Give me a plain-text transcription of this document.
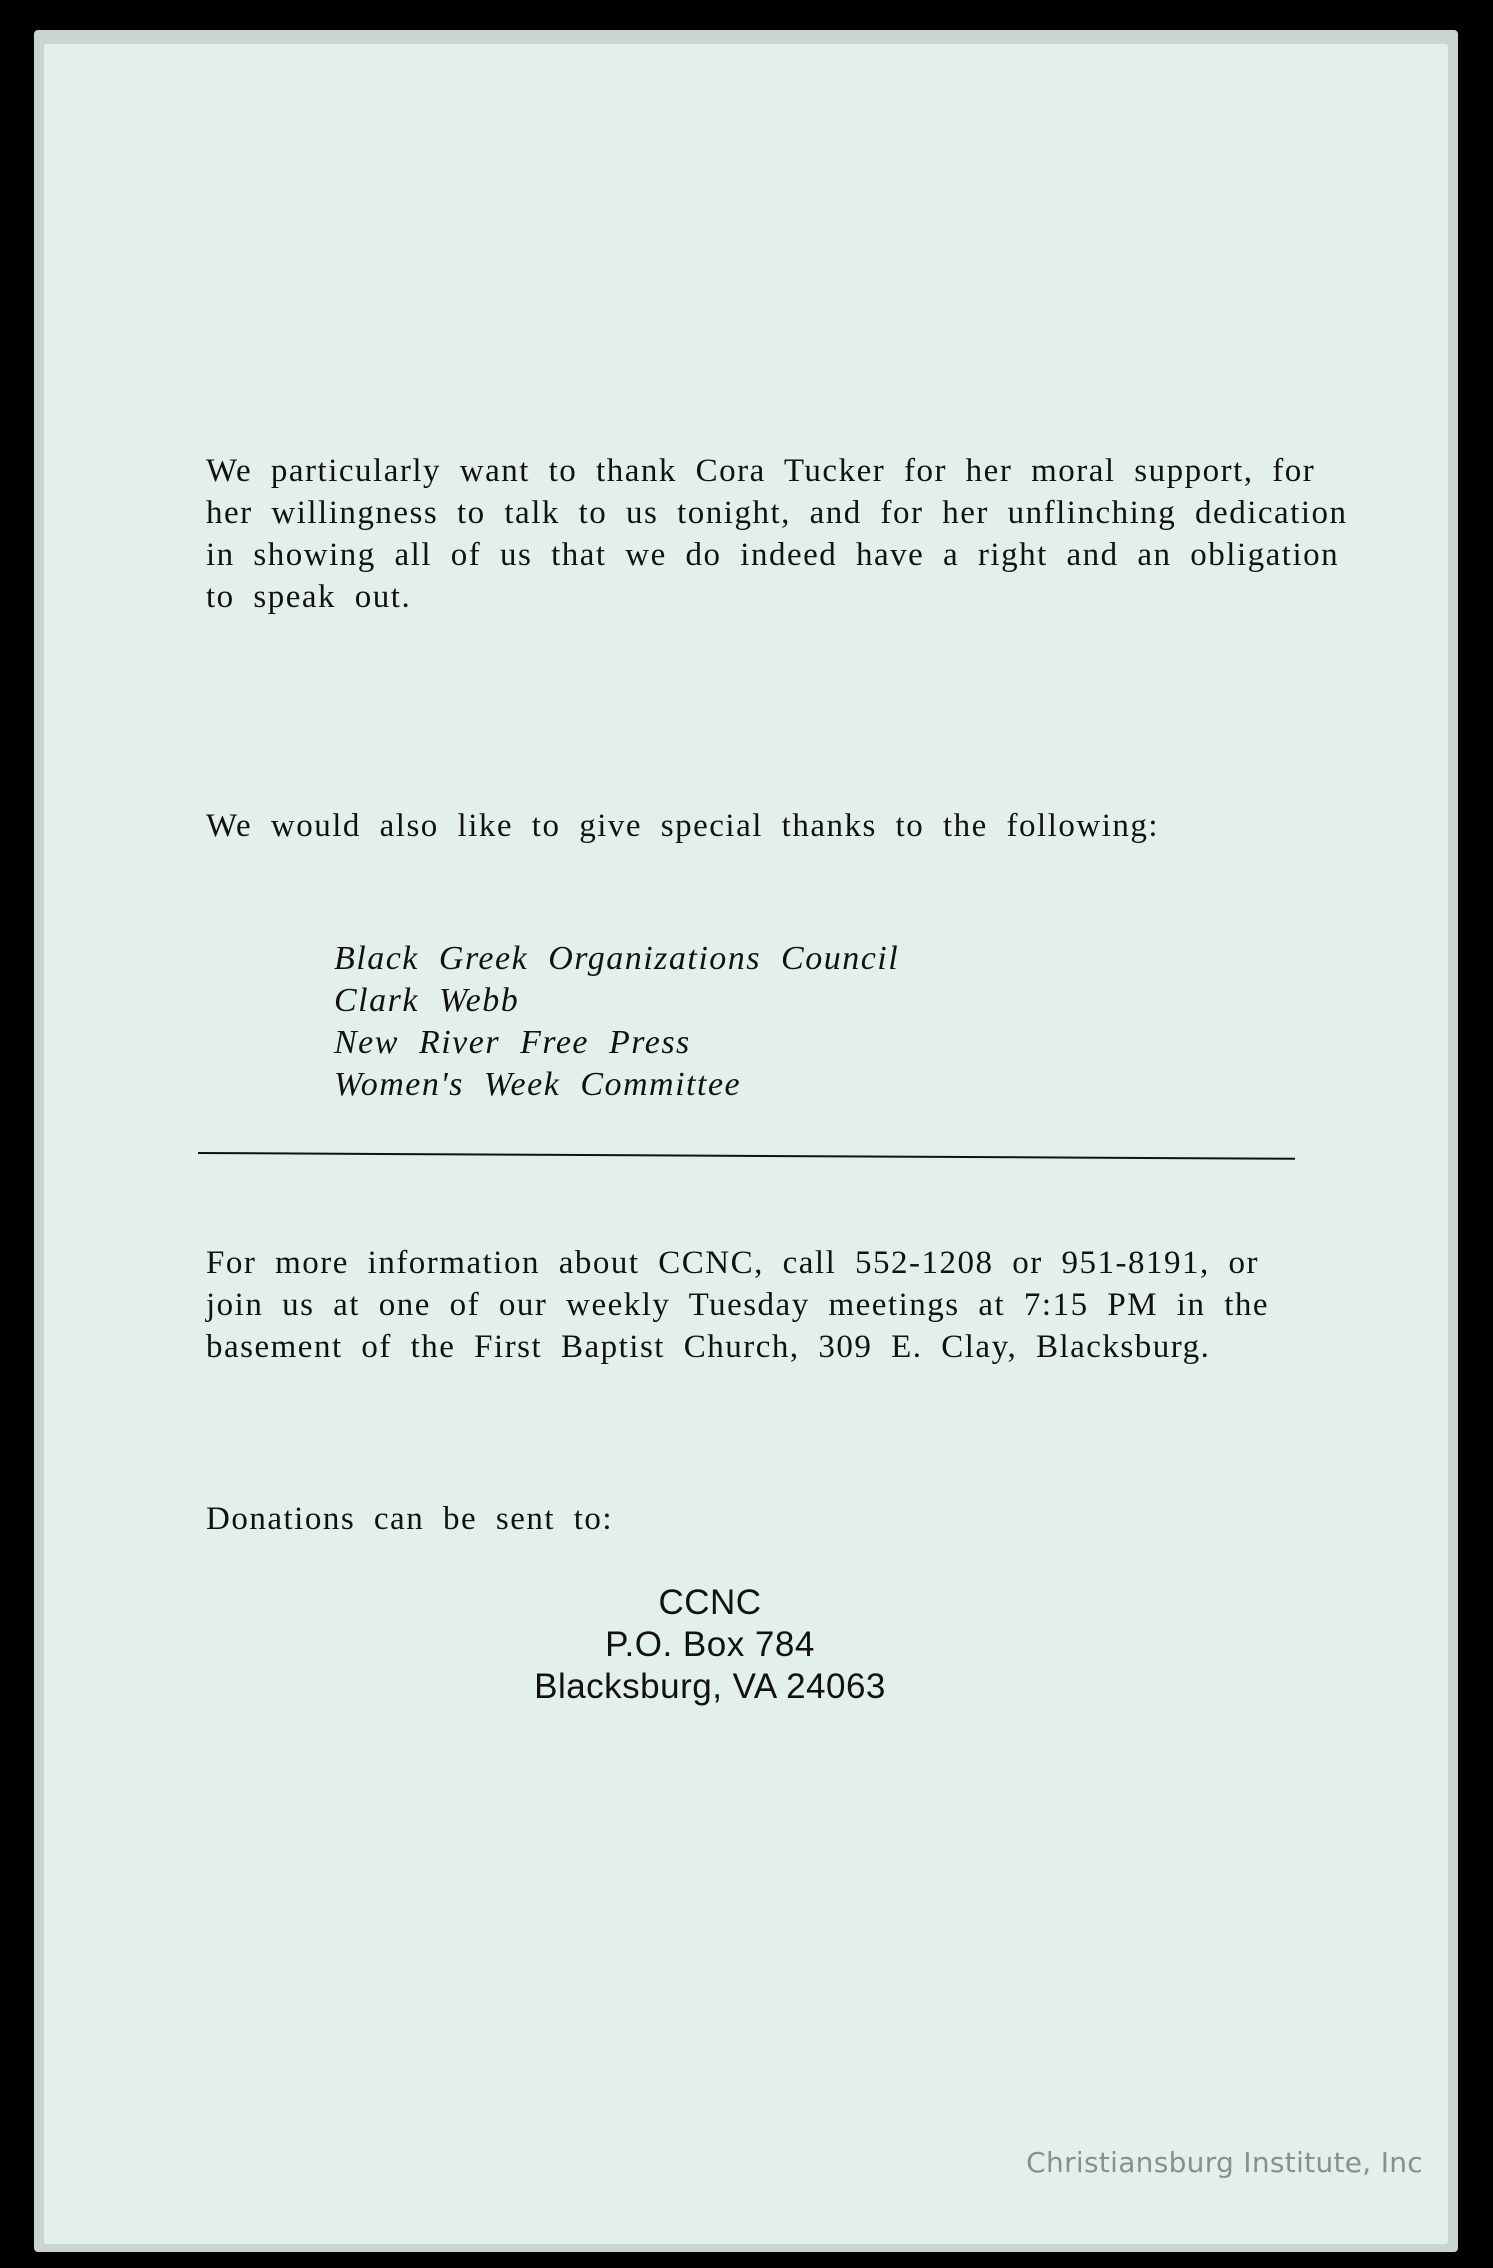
We particularly want to thank Cora Tucker for her moral support, for her willingness to talk to us tonight, and for her unflinching dedication in showing all of us that we do indeed have a right and an obligation to speak out.
We would also like to give special thanks to the following:
Black Greek Organizations Council
Clark Webb
New River Free Press
Women's Week Committee
For more information about CCNC, call 552-1208 or 951-8191, or join us at one of our weekly Tuesday meetings at 7:15 PM in the basement of the First Baptist Church, 309 E. Clay, Blacksburg.
Donations can be sent to:
CCNC
P.O. Box 784
Blacksburg, VA 24063
Christiansburg Institute, Inc
